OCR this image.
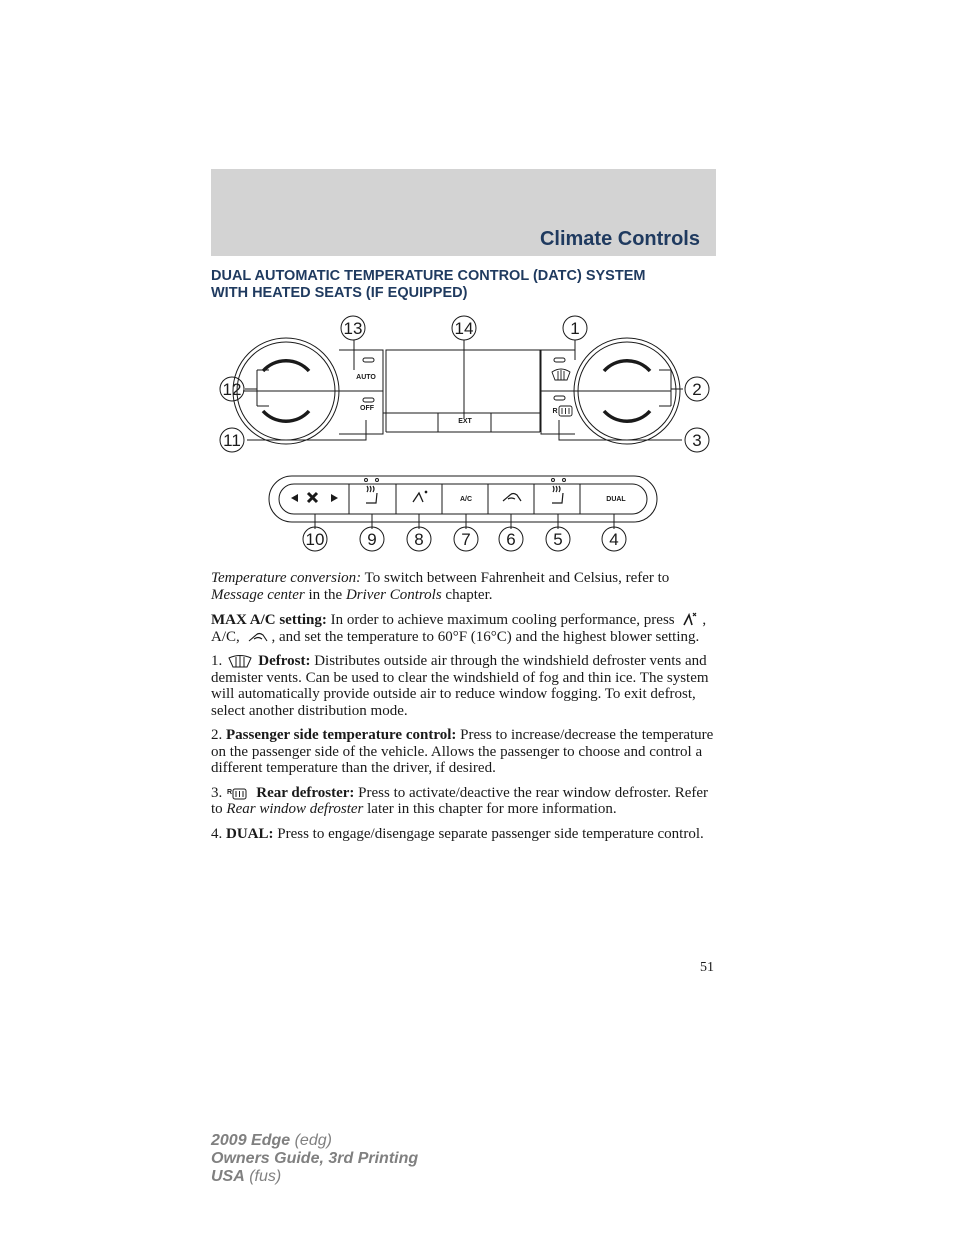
Climate Controls
DUAL AUTOMATIC TEMPERATURE CONTROL (DATC) SYSTEM
WITH HEATED SEATS (IF EQUIPPED)
AUTO
OFF
EXT
A/C	DUAL
R
13	14	1
12	2
11	3
10	9 8 7 6 5	4

Temperature conversion: To switch between Fahrenheit and Celsius, refer to Message center in the Driver Controls chapter.

MAX A/C setting: In order to achieve maximum cooling performance, press , A/C, , and set the temperature to 60°F (16°C) and the highest blower setting.

1. Defrost: Distributes outside air through the windshield defroster vents and demister vents. Can be used to clear the windshield of fog and thin ice. The system will automatically provide outside air to reduce window fogging. To exit defrost, select another distribution mode.

2. Passenger side temperature control: Press to increase/decrease the temperature on the passenger side of the vehicle. Allows the passenger to choose and control a different temperature than the driver, if desired.

3. R Rear defroster: Press to activate/deactive the rear window defroster. Refer to Rear window defroster later in this chapter for more information.

4. DUAL: Press to engage/disengage separate passenger side temperature control.

51
2009 Edge (edg)
Owners Guide, 3rd Printing
USA (fus)
